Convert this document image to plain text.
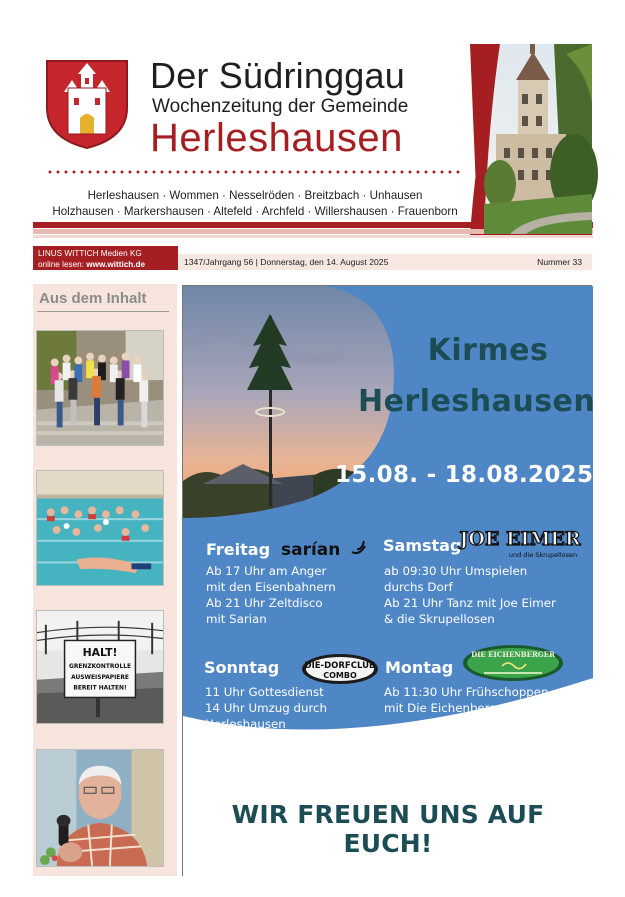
Der Südringgau
Wochenzeitung der Gemeinde
Herleshausen
Herleshausen · Wommen · Nesselröden · Breitzbach · Unhausen
Holzhausen · Markershausen · Altefeld · Archfeld · Willershausen · Frauenborn
LINUS WITTICH Medien KG
online lesen: www.wittich.de	1347/Jahrgang 56 | Donnerstag, den 14. August 2025	Nummer 33
Aus dem Inhalt
HALT!
GRENZKONTROLLE
AUSWEISPAPIERE
BEREIT HALTEN!
Kirmes
Herleshausen
15.08. - 18.08.2025
Freitag sarían
Ab 17 Uhr am Anger
mit den Eisenbahnern
Ab 21 Uhr Zeltdisco
mit Sarian
Samstag
JOE EIMER
und die Skrupellosen
ab 09:30 Uhr Umspielen
durchs Dorf
Ab 21 Uhr Tanz mit Joe Eimer
& die Skrupellosen
Sonntag	DIE-DORFCLUB
COMBO
11 Uhr Gottesdienst
14 Uhr Umzug durch
Herleshausen
anschließend Musik im Festzelt
mit Die-Dorfclub-Combo
Montag
DIE EICHENBERGER
Ab 11:30 Uhr Frühschoppen
mit Die Eichenberger
WIR FREUEN UNS AUF EUCH!
